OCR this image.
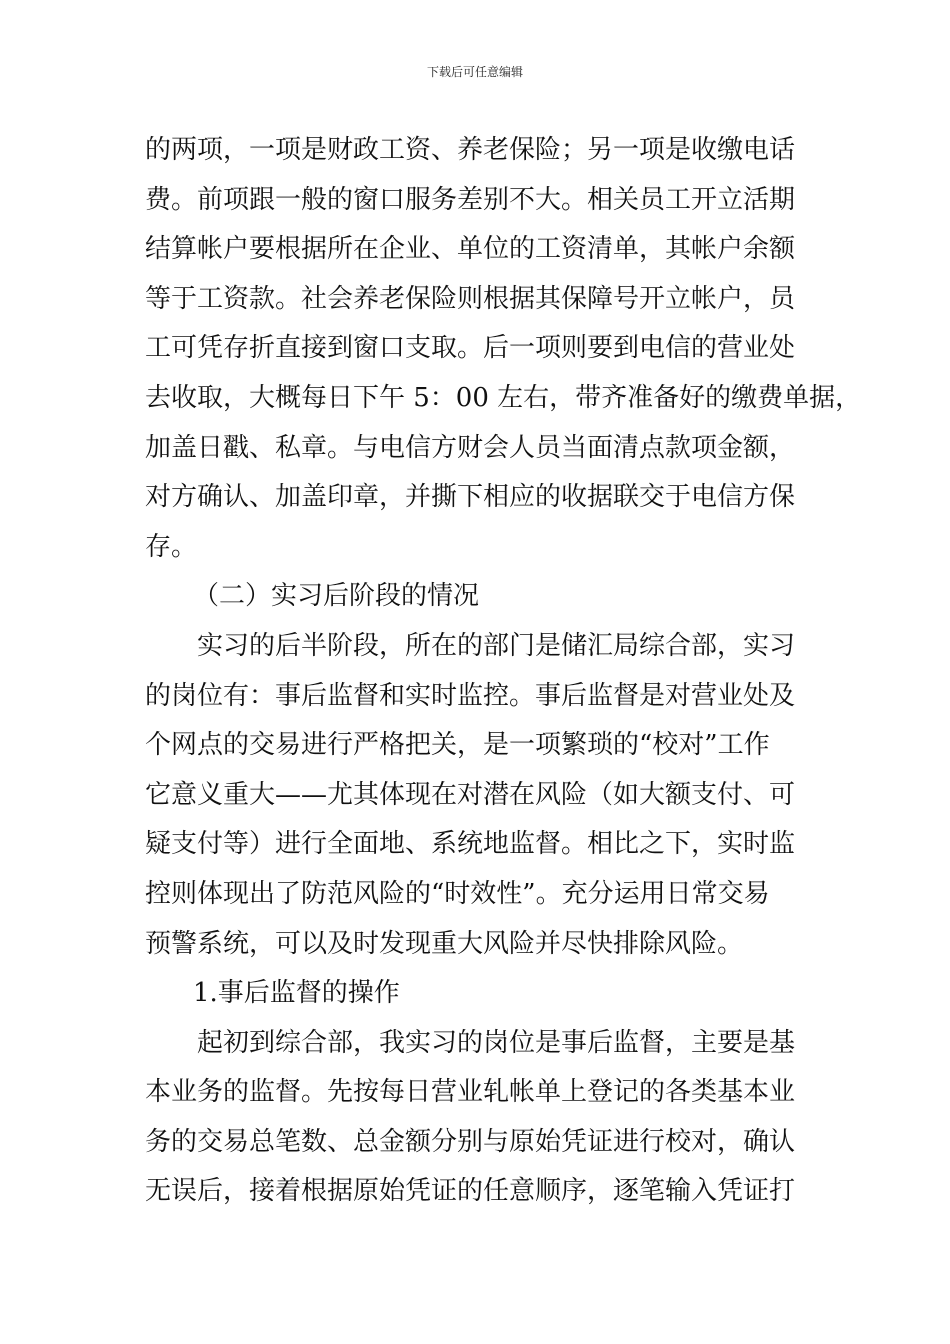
下载后可任意编辑
的两项，一项是财政工资、养老保险；另一项是收缴电话
费。前项跟一般的窗口服务差别不大。相关员工开立活期
结算帐户要根据所在企业、单位的工资清单，其帐户余额
等于工资款。社会养老保险则根据其保障号开立帐户，员
工可凭存折直接到窗口支取。后一项则要到电信的营业处
去收取，大概每日下午 5：00 左右，带齐准备好的缴费单据，
加盖日戳、私章。与电信方财会人员当面清点款项金额，
对方确认、加盖印章，并撕下相应的收据联交于电信方保
存。
（二）实习后阶段的情况
实习的后半阶段，所在的部门是储汇局综合部，实习
的岗位有：事后监督和实时监控。事后监督是对营业处及
个网点的交易进行严格把关，是一项繁琐的“校对”工作
它意义重大——尤其体现在对潜在风险（如大额支付、可
疑支付等）进行全面地、系统地监督。相比之下，实时监
控则体现出了防范风险的“时效性”。充分运用日常交易
预警系统，可以及时发现重大风险并尽快排除风险。
1.事后监督的操作
起初到综合部，我实习的岗位是事后监督，主要是基
本业务的监督。先按每日营业轧帐单上登记的各类基本业
务的交易总笔数、总金额分别与原始凭证进行校对，确认
无误后，接着根据原始凭证的任意顺序，逐笔输入凭证打
